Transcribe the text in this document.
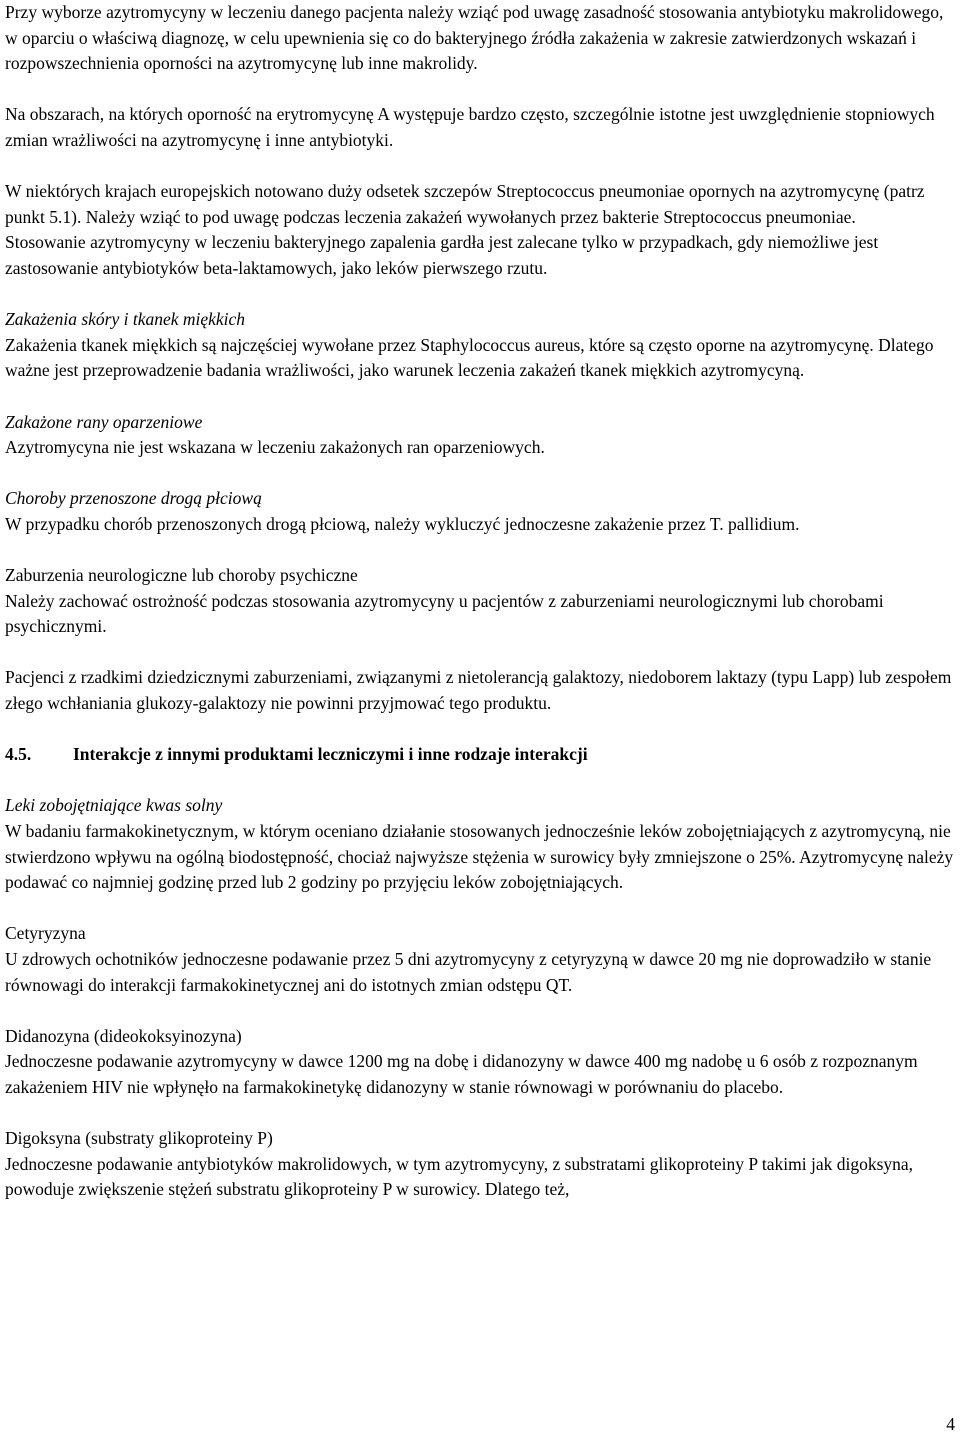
Przy wyborze azytromycyny w leczeniu danego pacjenta należy wziąć pod uwagę zasadność stosowania antybiotyku makrolidowego, w oparciu o właściwą diagnozę, w celu upewnienia się co do bakteryjnego źródła zakażenia w zakresie zatwierdzonych wskazań i rozpowszechnienia oporności na azytromycynę lub inne makrolidy.

Na obszarach, na których oporność na erytromycynę A występuje bardzo często, szczególnie istotne jest uwzględnienie stopniowych zmian wrażliwości na azytromycynę i inne antybiotyki.

W niektórych krajach europejskich notowano duży odsetek szczepów Streptococcus pneumoniae opornych na azytromycynę (patrz punkt 5.1). Należy wziąć to pod uwagę podczas leczenia zakażeń wywołanych przez bakterie Streptococcus pneumoniae.

Stosowanie azytromycyny w leczeniu bakteryjnego zapalenia gardła jest zalecane tylko w przypadkach, gdy niemożliwe jest zastosowanie antybiotyków beta-laktamowych, jako leków pierwszego rzutu.

Zakażenia skóry i tkanek miękkich

Zakażenia tkanek miękkich są najczęściej wywołane przez Staphylococcus aureus, które są często oporne na azytromycynę. Dlatego ważne jest przeprowadzenie badania wrażliwości, jako warunek leczenia zakażeń tkanek miękkich azytromycyną.

Zakażone rany oparzeniowe

Azytromycyna nie jest wskazana w leczeniu zakażonych ran oparzeniowych.

Choroby przenoszone drogą płciową

W przypadku chorób przenoszonych drogą płciową, należy wykluczyć jednoczesne zakażenie przez T. pallidium.

Zaburzenia neurologiczne lub choroby psychiczne

Należy zachować ostrożność podczas stosowania azytromycyny u pacjentów z zaburzeniami neurologicznymi lub chorobami psychicznymi.

Pacjenci z rzadkimi dziedzicznymi zaburzeniami, związanymi z nietolerancją galaktozy, niedoborem laktazy (typu Lapp) lub zespołem złego wchłaniania glukozy-galaktozy nie powinni przyjmować tego produktu.

4.5. Interakcje z innymi produktami leczniczymi i inne rodzaje interakcji

Leki zobojętniające kwas solny

W badaniu farmakokinetycznym, w którym oceniano działanie stosowanych jednocześnie leków zobojętniających z azytromycyną, nie stwierdzono wpływu na ogólną biodostępność, chociaż najwyższe stężenia w surowicy były zmniejszone o 25%. Azytromycynę należy podawać co najmniej godzinę przed lub 2 godziny po przyjęciu leków zobojętniających.

Cetyryzyna

U zdrowych ochotników jednoczesne podawanie przez 5 dni azytromycyny z cetyryzyną w dawce 20 mg nie doprowadziło w stanie równowagi do interakcji farmakokinetycznej ani do istotnych zmian odstępu QT.

Didanozyna (dideokoksyinozyna)

Jednoczesne podawanie azytromycyny w dawce 1200 mg na dobę i didanozyny w dawce 400 mg nadobę u 6 osób z rozpoznanym zakażeniem HIV nie wpłynęło na farmakokinetykę didanozyny w stanie równowagi w porównaniu do placebo.

Digoksyna (substraty glikoproteiny P)

Jednoczesne podawanie antybiotyków makrolidowych, w tym azytromycyny, z substratami glikoproteiny P takimi jak digoksyna, powoduje zwiększenie stężeń substratu glikoproteiny P w surowicy. Dlatego też,

4
